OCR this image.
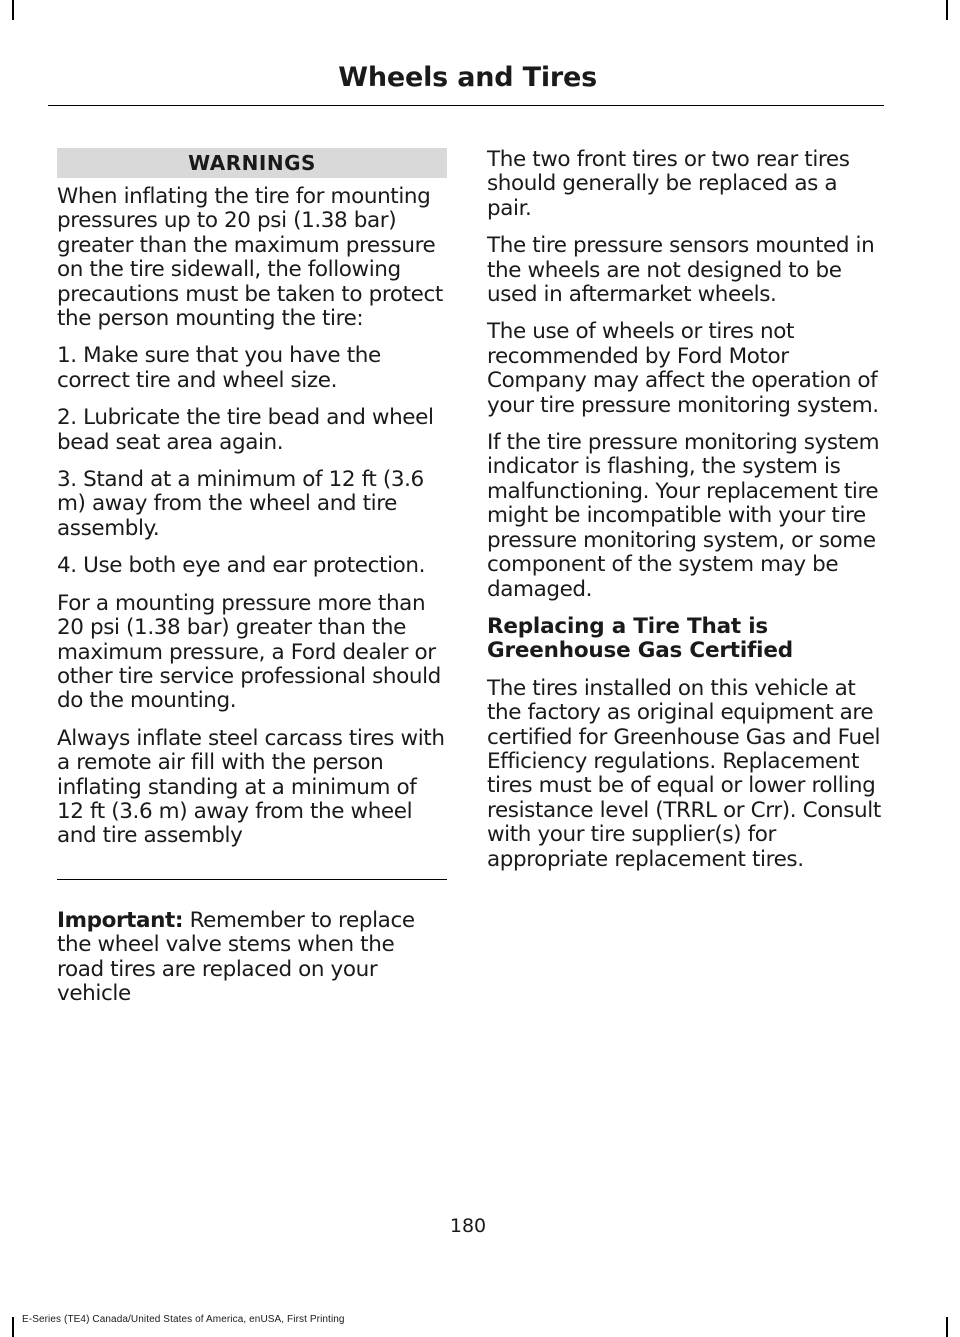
Wheels and Tires
WARNINGS

When inflating the tire for mounting pressures up to 20 psi (1.38 bar) greater than the maximum pressure on the tire sidewall, the following precautions must be taken to protect the person mounting the tire:

1. Make sure that you have the correct tire and wheel size.

2. Lubricate the tire bead and wheel bead seat area again.

3. Stand at a minimum of 12 ft (3.6 m) away from the wheel and tire assembly.

4. Use both eye and ear protection.

For a mounting pressure more than 20 psi (1.38 bar) greater than the maximum pressure, a Ford dealer or other tire service professional should do the mounting.

Always inflate steel carcass tires with a remote air fill with the person inflating standing at a minimum of 12 ft (3.6 m) away from the wheel and tire assembly

Important: Remember to replace the wheel valve stems when the road tires are replaced on your vehicle

The two front tires or two rear tires should generally be replaced as a pair.

The tire pressure sensors mounted in the wheels are not designed to be used in aftermarket wheels.

The use of wheels or tires not recommended by Ford Motor Company may affect the operation of your tire pressure monitoring system.

If the tire pressure monitoring system indicator is flashing, the system is malfunctioning. Your replacement tire might be incompatible with your tire pressure monitoring system, or some component of the system may be damaged.

Replacing a Tire That is Greenhouse Gas Certified

The tires installed on this vehicle at the factory as original equipment are certified for Greenhouse Gas and Fuel Efficiency regulations. Replacement tires must be of equal or lower rolling resistance level (TRRL or Crr). Consult with your tire supplier(s) for appropriate replacement tires.

180
E-Series (TE4) Canada/United States of America, enUSA, First Printing
